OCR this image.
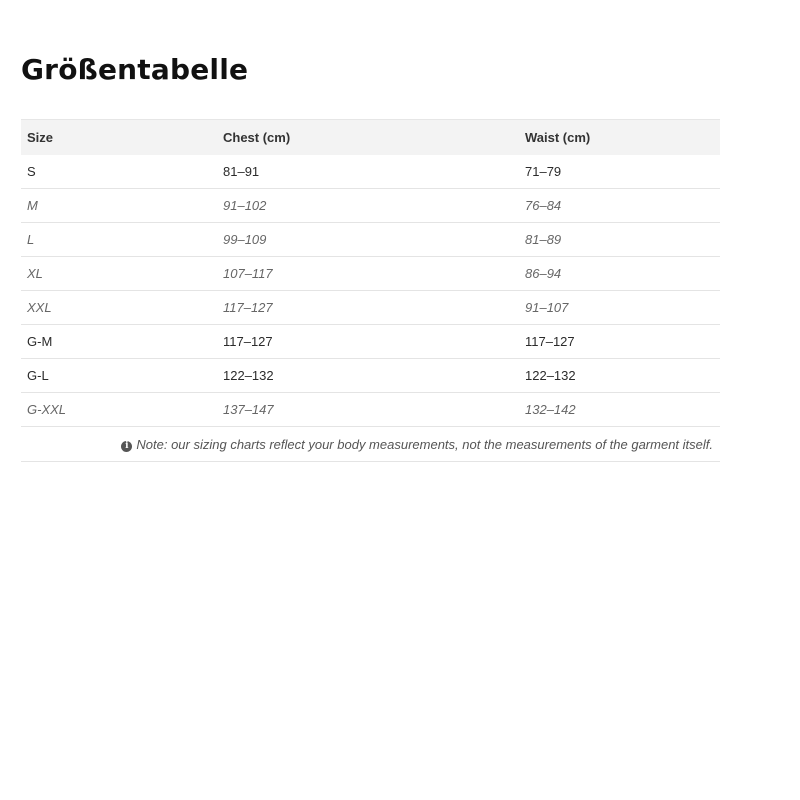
Größentabelle
Size	Chest (cm)	Waist (cm)
S	81–91	71–79
M	91–102	76–84
L	99–109	81–89
XL	107–117	86–94
XXL	117–127	91–107
G-M	117–127	117–127
G-L	122–132	122–132
G-XXL	137–147	132–142
i Note: our sizing charts reflect your body measurements, not the measurements of the garment itself.		
